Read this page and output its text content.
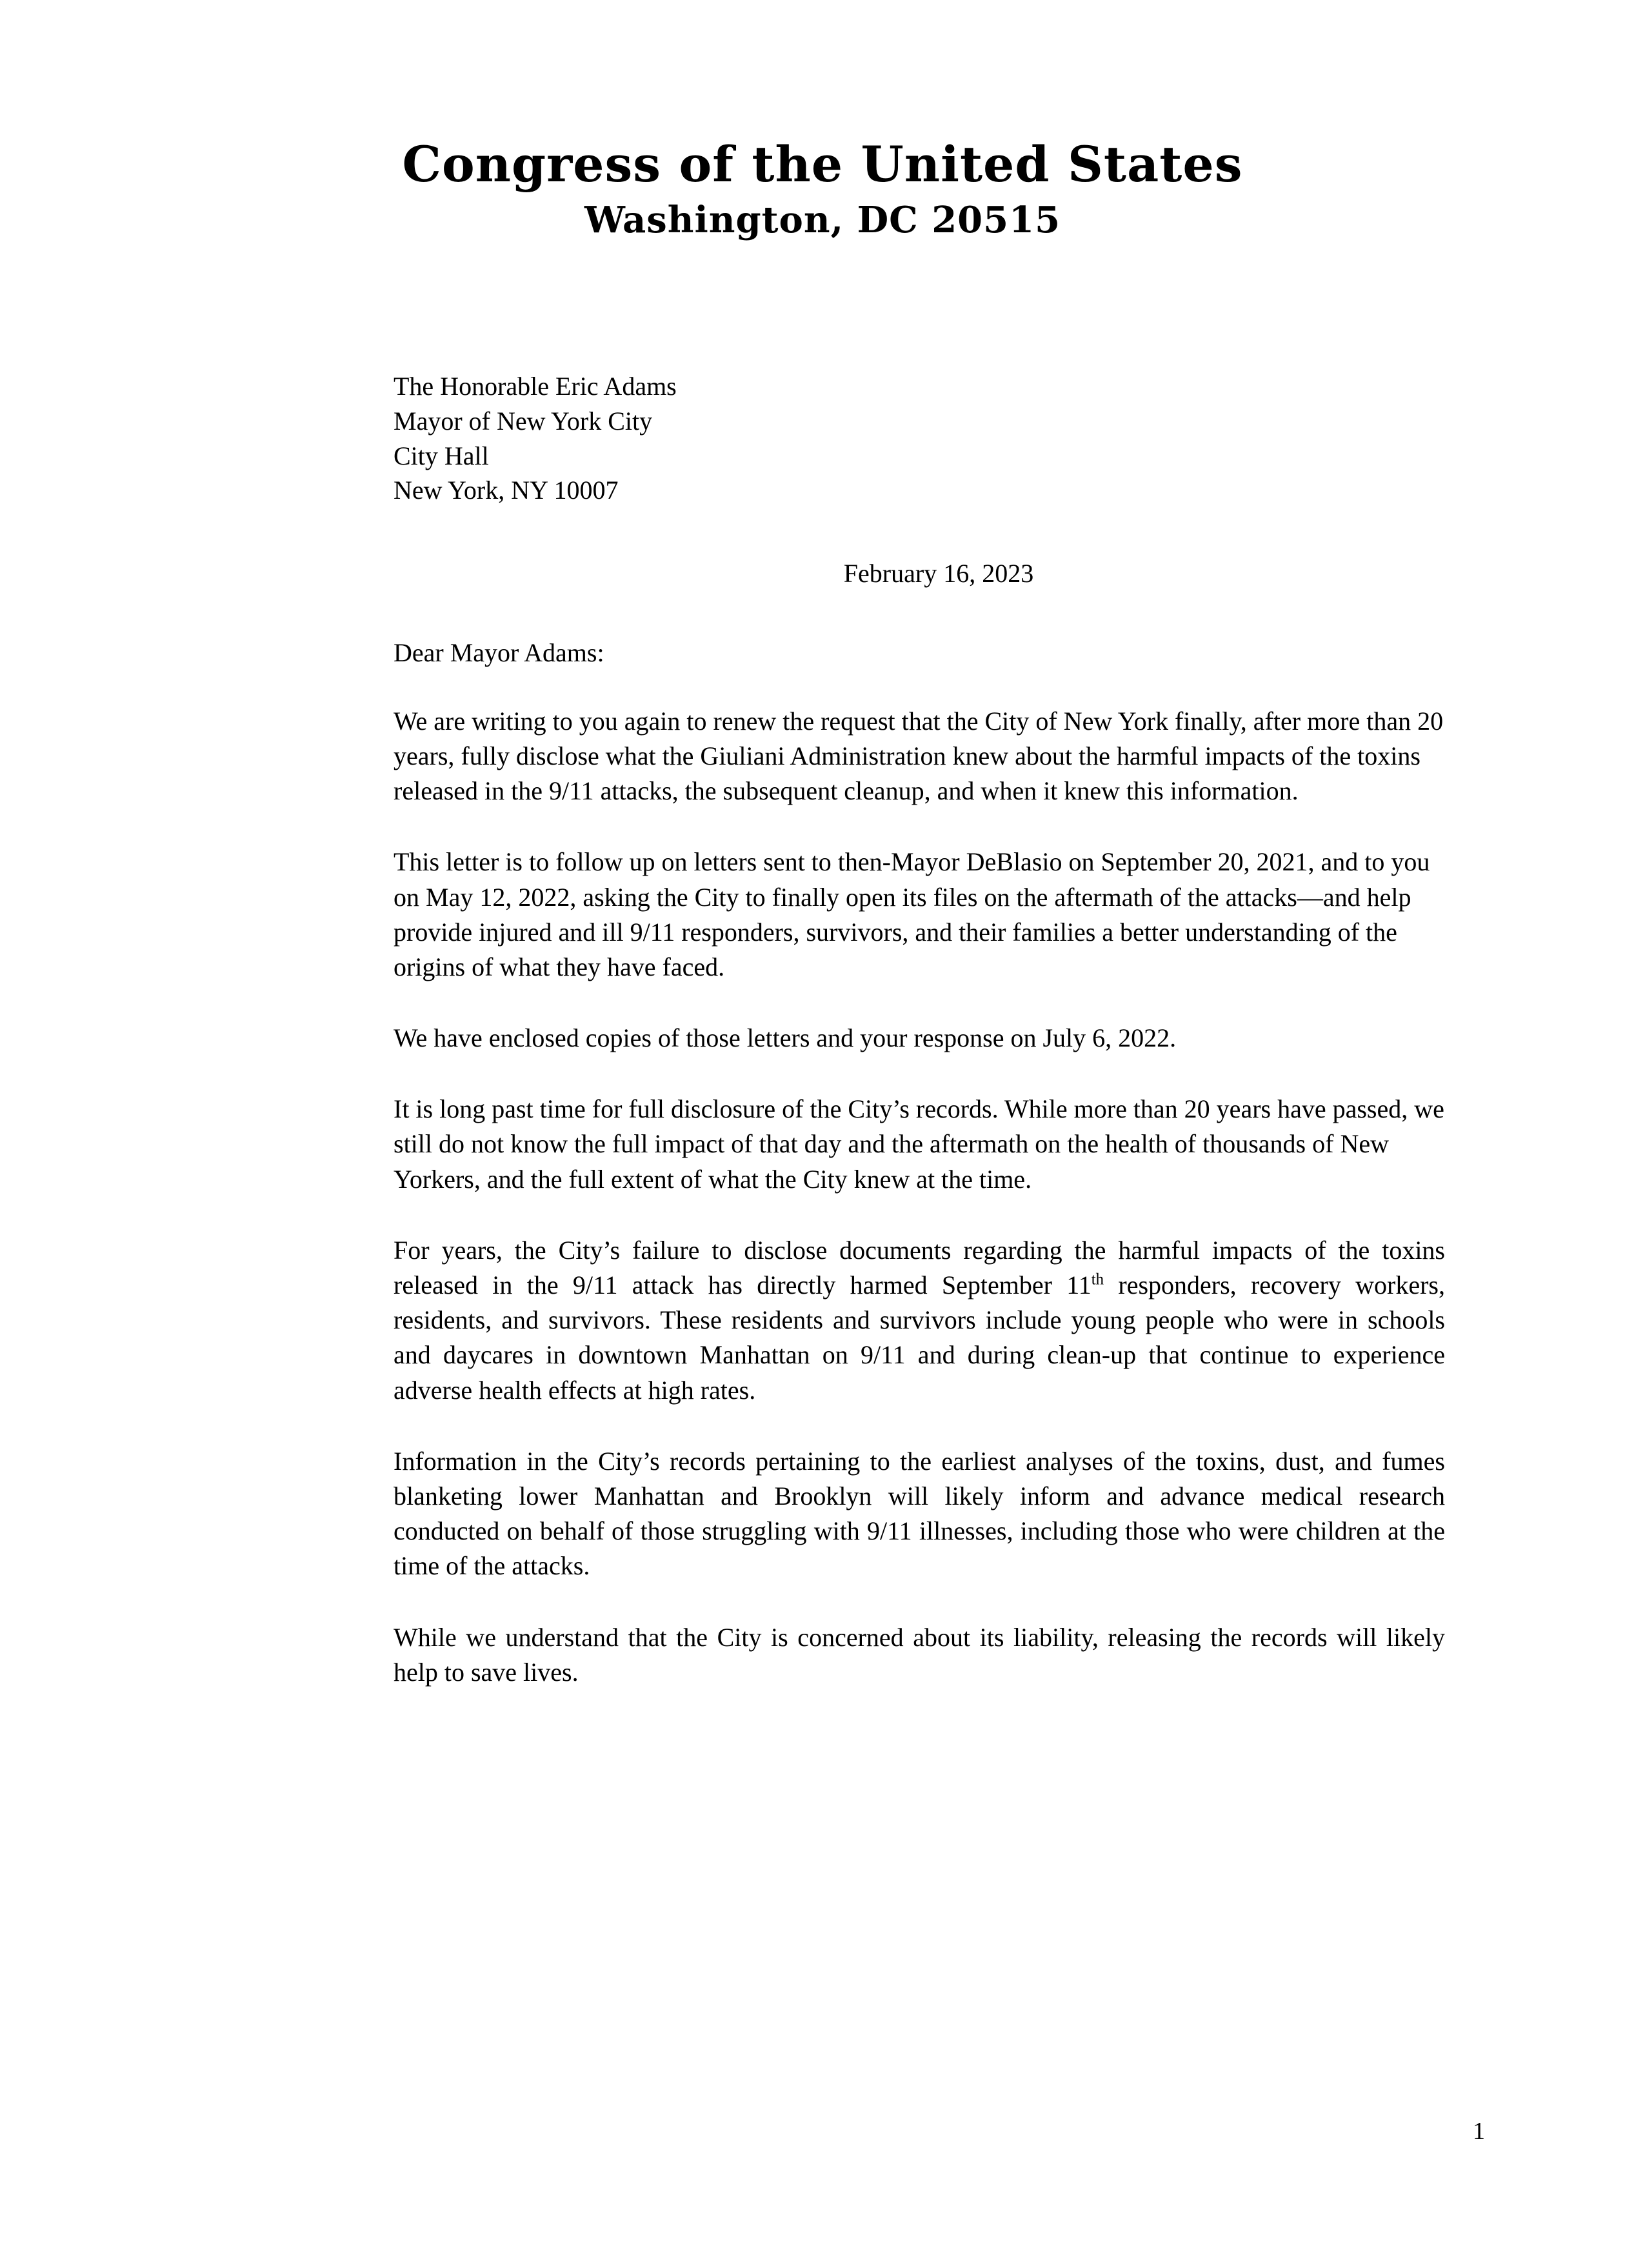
Congress of the United States
Washington, DC 20515
The Honorable Eric Adams
Mayor of New York City
City Hall
New York, NY 10007
February 16, 2023
Dear Mayor Adams:

We are writing to you again to renew the request that the City of New York finally, after more than 20 years, fully disclose what the Giuliani Administration knew about the harmful impacts of the toxins released in the 9/11 attacks, the subsequent cleanup, and when it knew this information.

This letter is to follow up on letters sent to then-Mayor DeBlasio on September 20, 2021, and to you on May 12, 2022, asking the City to finally open its files on the aftermath of the attacks—and help provide injured and ill 9/11 responders, survivors, and their families a better understanding of the origins of what they have faced.

We have enclosed copies of those letters and your response on July 6, 2022.

It is long past time for full disclosure of the City’s records. While more than 20 years have passed, we still do not know the full impact of that day and the aftermath on the health of thousands of New Yorkers, and the full extent of what the City knew at the time.

For years, the City’s failure to disclose documents regarding the harmful impacts of the toxins released in the 9/11 attack has directly harmed September 11th responders, recovery workers, residents, and survivors. These residents and survivors include young people who were in schools and daycares in downtown Manhattan on 9/11 and during clean-up that continue to experience adverse health effects at high rates.

Information in the City’s records pertaining to the earliest analyses of the toxins, dust, and fumes blanketing lower Manhattan and Brooklyn will likely inform and advance medical research conducted on behalf of those struggling with 9/11 illnesses, including those who were children at the time of the attacks.

While we understand that the City is concerned about its liability, releasing the records will likely help to save lives.

1
